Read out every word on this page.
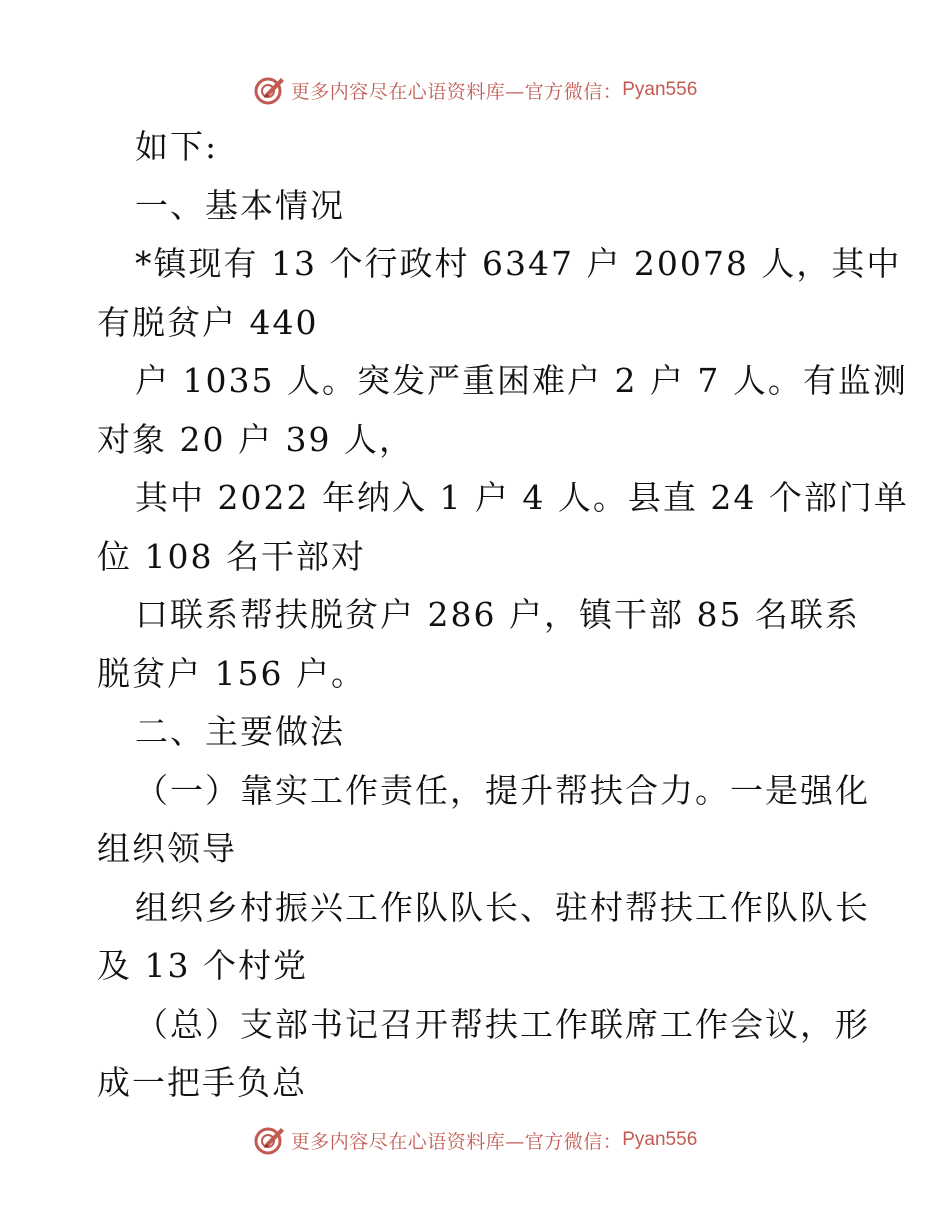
更多内容尽在心语资料库—官方微信： Pyan556
如下:
一、基本情况
*镇现有 13 个行政村 6347 户 20078 人，其中
有脱贫户 440
户 1035 人。突发严重困难户 2 户 7 人。有监测
对象 20 户 39 人，
其中 2022 年纳入 1 户 4 人。县直 24 个部门单
位 108 名干部对
口联系帮扶脱贫户 286 户，镇干部 85 名联系
脱贫户 156 户。
二、主要做法
（一）靠实工作责任，提升帮扶合力。一是强化
组织领导
组织乡村振兴工作队队长、驻村帮扶工作队队长
及 13 个村党
（总）支部书记召开帮扶工作联席工作会议，形
成一把手负总
更多内容尽在心语资料库—官方微信： Pyan556
